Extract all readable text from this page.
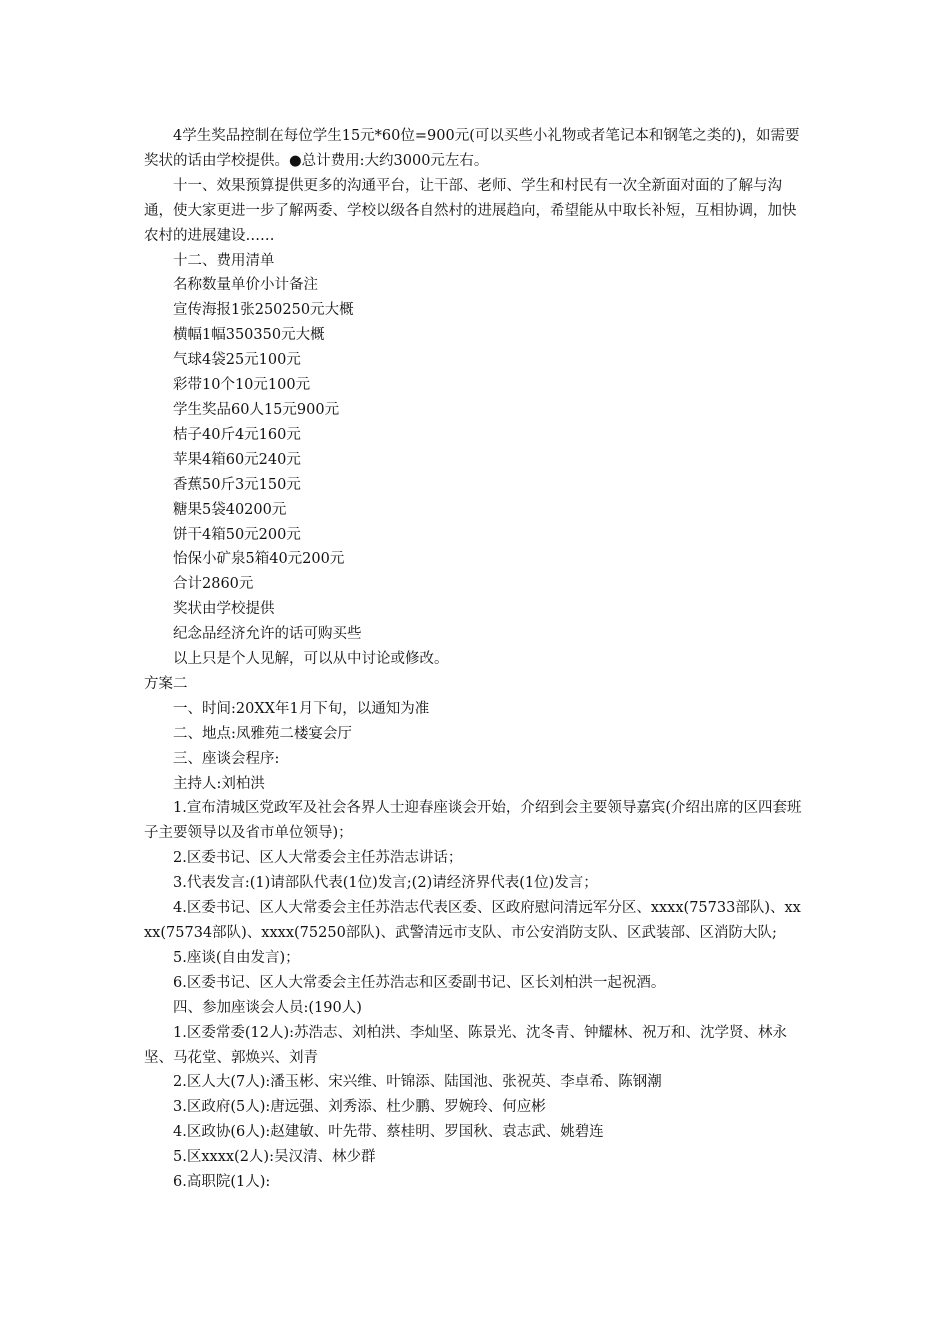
4学生奖品控制在每位学生15元*60位=900元(可以买些小礼物或者笔记本和钢笔之类的)，如需要奖状的话由学校提供。●总计费用:大约3000元左右。

十一、效果预算提供更多的沟通平台，让干部、老师、学生和村民有一次全新面对面的了解与沟通，使大家更进一步了解两委、学校以级各自然村的进展趋向，希望能从中取长补短，互相协调，加快农村的进展建设……

十二、费用清单

名称数量单价小计备注

宣传海报1张250250元大概

横幅1幅350350元大概

气球4袋25元100元

彩带10个10元100元

学生奖品60人15元900元

桔子40斤4元160元

苹果4箱60元240元

香蕉50斤3元150元

糖果5袋40200元

饼干4箱50元200元

怡保小矿泉5箱40元200元

合计2860元

奖状由学校提供

纪念品经济允许的话可购买些

以上只是个人见解，可以从中讨论或修改。

方案二

一、时间:20XX年1月下旬，以通知为准

二、地点:凤雅苑二楼宴会厅

三、座谈会程序:

主持人:刘柏洪

1.宣布清城区党政军及社会各界人士迎春座谈会开始，介绍到会主要领导嘉宾(介绍出席的区四套班子主要领导以及省市单位领导)；

2.区委书记、区人大常委会主任苏浩志讲话；

3.代表发言:(1)请部队代表(1位)发言;(2)请经济界代表(1位)发言；

4.区委书记、区人大常委会主任苏浩志代表区委、区政府慰问清远军分区、xxxx(75733部队)、xxxx(75734部队)、xxxx(75250部队)、武警清远市支队、市公安消防支队、区武装部、区消防大队;

5.座谈(自由发言)；

6.区委书记、区人大常委会主任苏浩志和区委副书记、区长刘柏洪一起祝酒。

四、参加座谈会人员:(190人)

1.区委常委(12人):苏浩志、刘柏洪、李灿坚、陈景光、沈冬青、钟耀林、祝万和、沈学贤、林永坚、马花堂、郭焕兴、刘青

2.区人大(7人):潘玉彬、宋兴维、叶锦添、陆国池、张祝英、李卓希、陈钢潮

3.区政府(5人):唐远强、刘秀添、杜少鹏、罗婉玲、何应彬

4.区政协(6人):赵建敏、叶先带、蔡桂明、罗国秋、袁志武、姚碧连

5.区xxxx(2人):吴汉清、林少群

6.高职院(1人):
